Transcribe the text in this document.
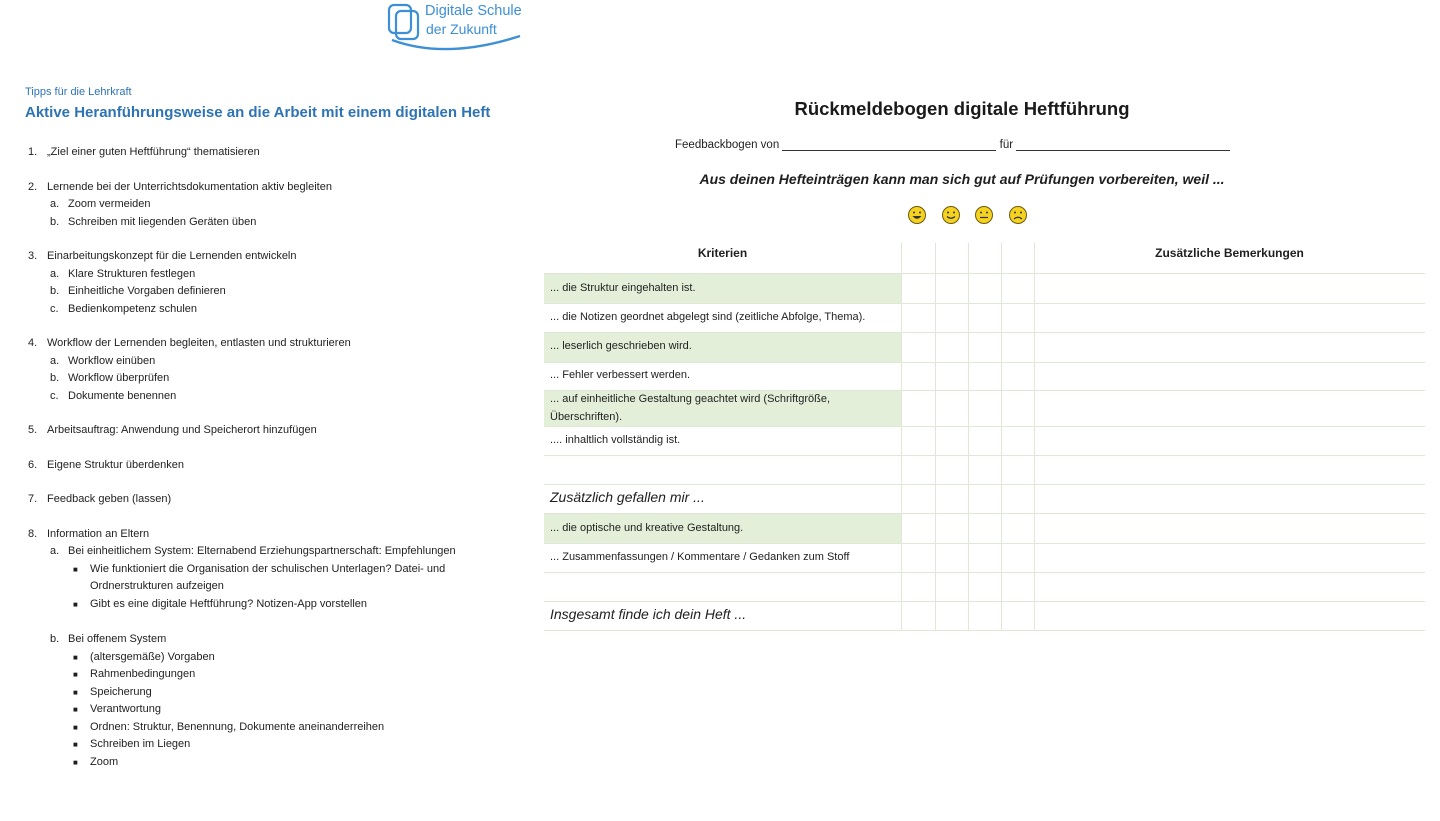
Digitale Schule
der Zukunft
Tipps für die Lehrkraft
Aktive Heranführungsweise an die Arbeit mit einem digitalen Heft
1. „Ziel einer guten Heftführung“ thematisieren
2. Lernende bei der Unterrichtsdokumentation aktiv begleiten
a. Zoom vermeiden
b. Schreiben mit liegenden Geräten üben
3. Einarbeitungskonzept für die Lernenden entwickeln
a. Klare Strukturen festlegen
b. Einheitliche Vorgaben definieren
c. Bedienkompetenz schulen
4. Workflow der Lernenden begleiten, entlasten und strukturieren
a. Workflow einüben
b. Workflow überprüfen
c. Dokumente benennen
5. Arbeitsauftrag: Anwendung und Speicherort hinzufügen
6. Eigene Struktur überdenken
7. Feedback geben (lassen)
8. Information an Eltern
a. Bei einheitlichem System: Elternabend Erziehungspartnerschaft: Empfehlungen
■	Wie funktioniert die Organisation der schulischen Unterlagen? Datei- und Ordnerstrukturen aufzeigen
■	Gibt es eine digitale Heftführung? Notizen-App vorstellen
b. Bei offenem System
■	(altersgemäße) Vorgaben
■	Rahmenbedingungen
■	Speicherung
■	Verantwortung
■	Ordnen: Struktur, Benennung, Dokumente aneinanderreihen
■	Schreiben im Liegen
■	Zoom
Rückmeldebogen digitale Heftführung
Feedbackbogen von	für
Aus deinen Hefteinträgen kann man sich gut auf Prüfungen vorbereiten, weil ...
Kriterien	Zusätzliche Bemerkungen
... die Struktur eingehalten ist.
... die Notizen geordnet abgelegt sind (zeitliche Abfolge, Thema).
... leserlich geschrieben wird.
... Fehler verbessert werden.
... auf einheitliche Gestaltung geachtet wird (Schriftgröße, Überschriften).
.... inhaltlich vollständig ist.
Zusätzlich gefallen mir ...
... die optische und kreative Gestaltung.
... Zusammenfassungen / Kommentare / Gedanken zum Stoff
Insgesamt finde ich dein Heft ...
